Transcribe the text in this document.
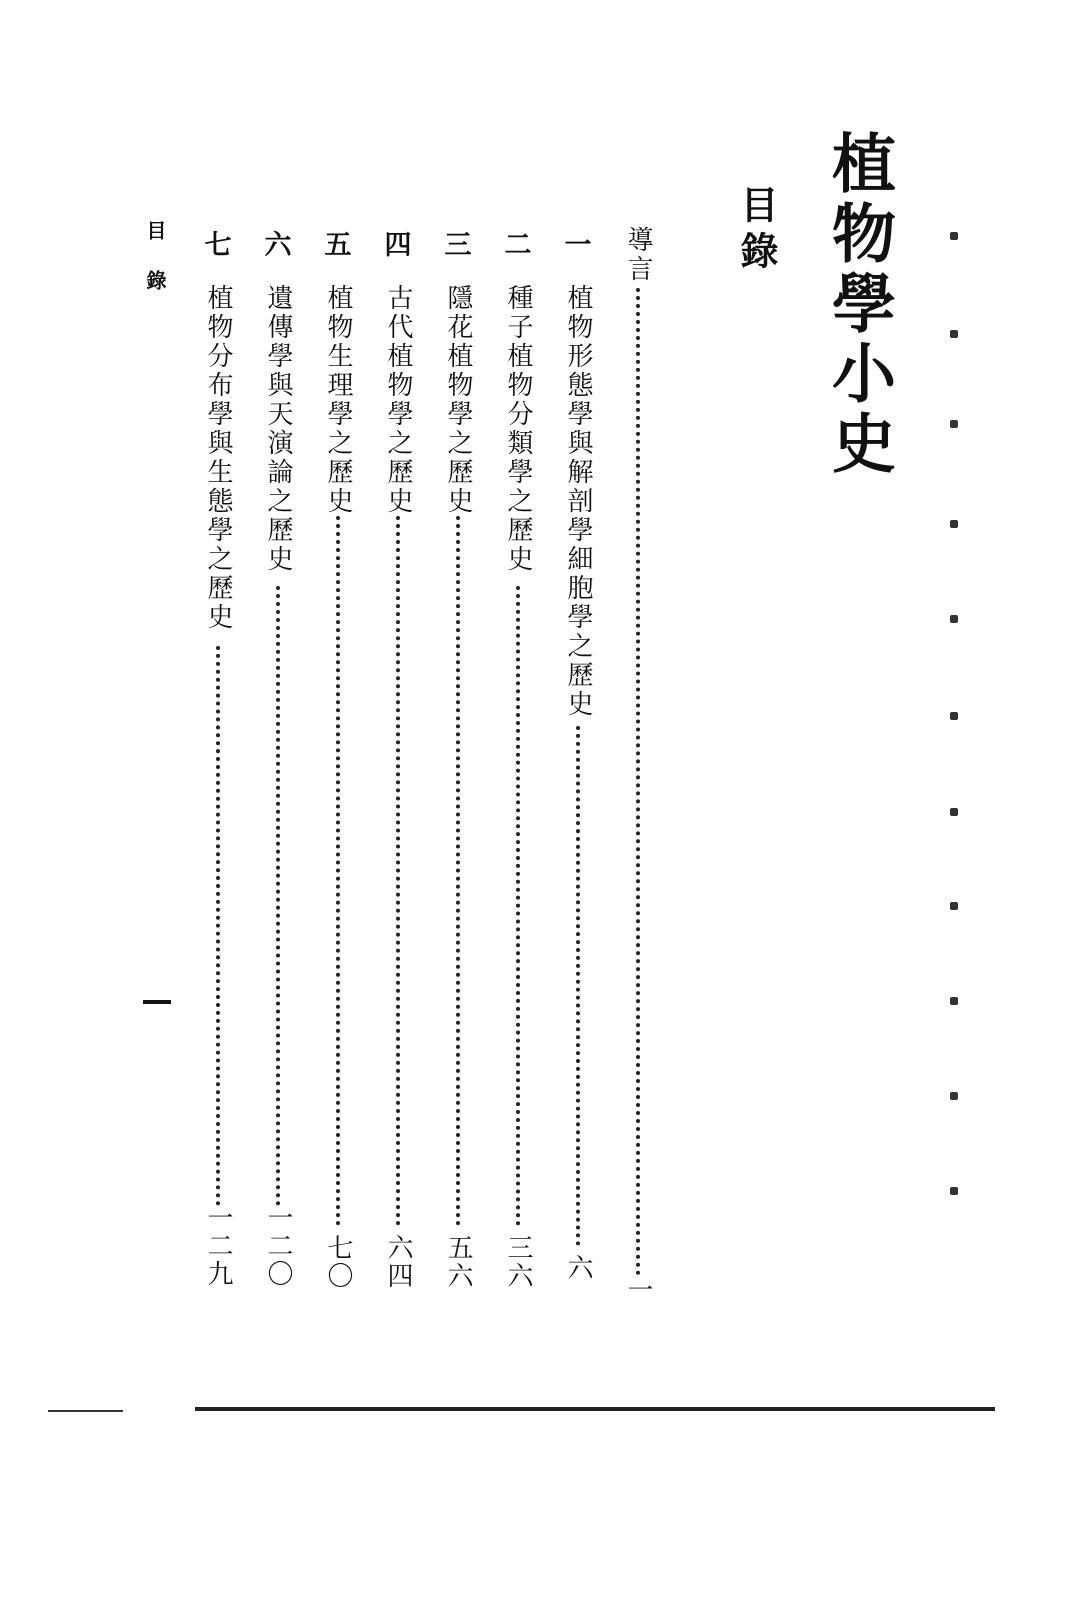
植物學小史
目錄
導言
一
一
植物形態學與解剖學細胞學之歷史
六
二
種子植物分類學之歷史
三六
三
隱花植物學之歷史
五六
四
古代植物學之歷史
六四
五
植物生理學之歷史
七〇
六
遺傳學與天演論之歷史
一二〇
七
植物分布學與生態學之歷史
一二九
目錄
